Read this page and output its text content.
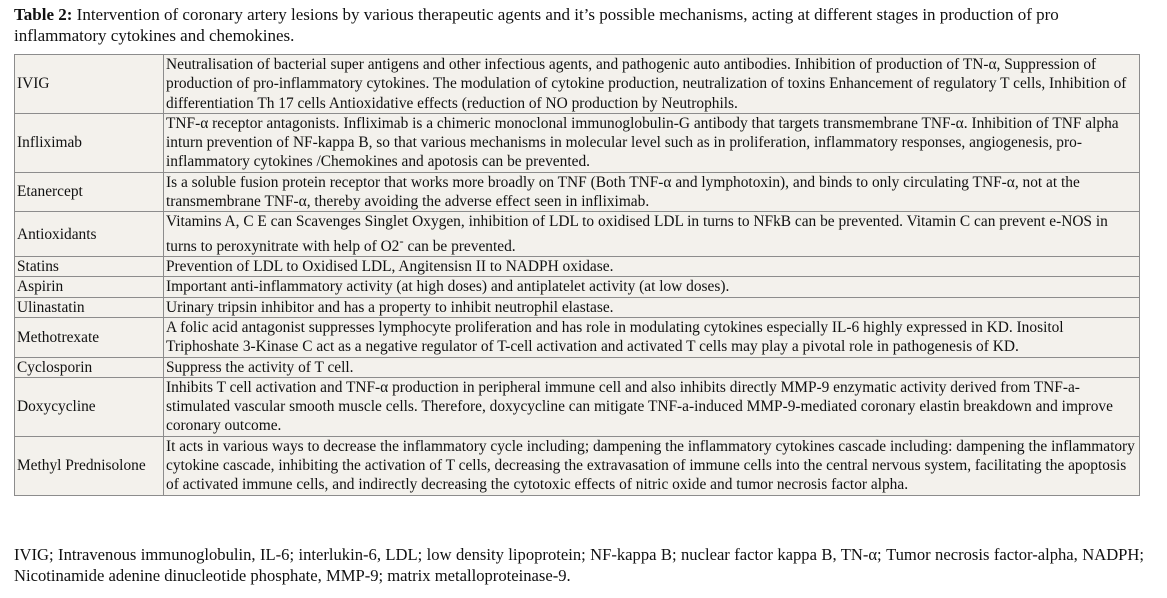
Table 2: Intervention of coronary artery lesions by various therapeutic agents and it’s possible mechanisms, acting at different stages in production of pro inflammatory cytokines and chemokines.
IVIG	Neutralisation of bacterial super antigens and other infectious agents, and pathogenic auto antibodies. Inhibition of production of TN-α, Suppression of production of pro-inflammatory cytokines. The modulation of cytokine production, neutralization of toxins Enhancement of regulatory T cells, Inhibition of differentiation Th 17 cells Antioxidative effects (reduction of NO production by Neutrophils.
Infliximab	TNF-α receptor antagonists. Infliximab is a chimeric monoclonal immunoglobulin-G antibody that targets transmembrane TNF-α. Inhibition of TNF alpha inturn prevention of NF-kappa B, so that various mechanisms in molecular level such as in proliferation, inflammatory responses, angiogenesis, pro-inflammatory cytokines /Chemokines and apotosis can be prevented.
Etanercept	Is a soluble fusion protein receptor that works more broadly on TNF (Both TNF-α and lymphotoxin), and binds to only circulating TNF-α, not at the transmembrane TNF-α, thereby avoiding the adverse effect seen in infliximab.
Antioxidants	Vitamins A, C E can Scavenges Singlet Oxygen, inhibition of LDL to oxidised LDL in turns to NFkB can be prevented. Vitamin C can prevent e-NOS in turns to peroxynitrate with help of O2- can be prevented.
Statins	Prevention of LDL to Oxidised LDL, Angitensisn II to NADPH oxidase.
Aspirin	Important anti-inflammatory activity (at high doses) and antiplatelet activity (at low doses).
Ulinastatin	Urinary tripsin inhibitor and has a property to inhibit neutrophil elastase.
Methotrexate	A folic acid antagonist suppresses lymphocyte proliferation and has role in modulating cytokines especially IL-6 highly expressed in KD. Inositol Triphoshate 3-Kinase C act as a negative regulator of T-cell activation and activated T cells may play a pivotal role in pathogenesis of KD.
Cyclosporin	Suppress the activity of T cell.
Doxycycline	Inhibits T cell activation and TNF-α production in peripheral immune cell and also inhibits directly MMP-9 enzymatic activity derived from TNF-a-stimulated vascular smooth muscle cells. Therefore, doxycycline can mitigate TNF-a-induced MMP-9-mediated coronary elastin breakdown and improve coronary outcome.
Methyl Prednisolone	It acts in various ways to decrease the inflammatory cycle including; dampening the inflammatory cytokines cascade including: dampening the inflammatory cytokine cascade, inhibiting the activation of T cells, decreasing the extravasation of immune cells into the central nervous system, facilitating the apoptosis of activated immune cells, and indirectly decreasing the cytotoxic effects of nitric oxide and tumor necrosis factor alpha.
IVIG; Intravenous immunoglobulin, IL-6; interlukin-6, LDL; low density lipoprotein; NF-kappa B; nuclear factor kappa B, TN-α; Tumor necrosis factor-alpha, NADPH; Nicotinamide adenine dinucleotide phosphate, MMP-9; matrix metalloproteinase-9.
